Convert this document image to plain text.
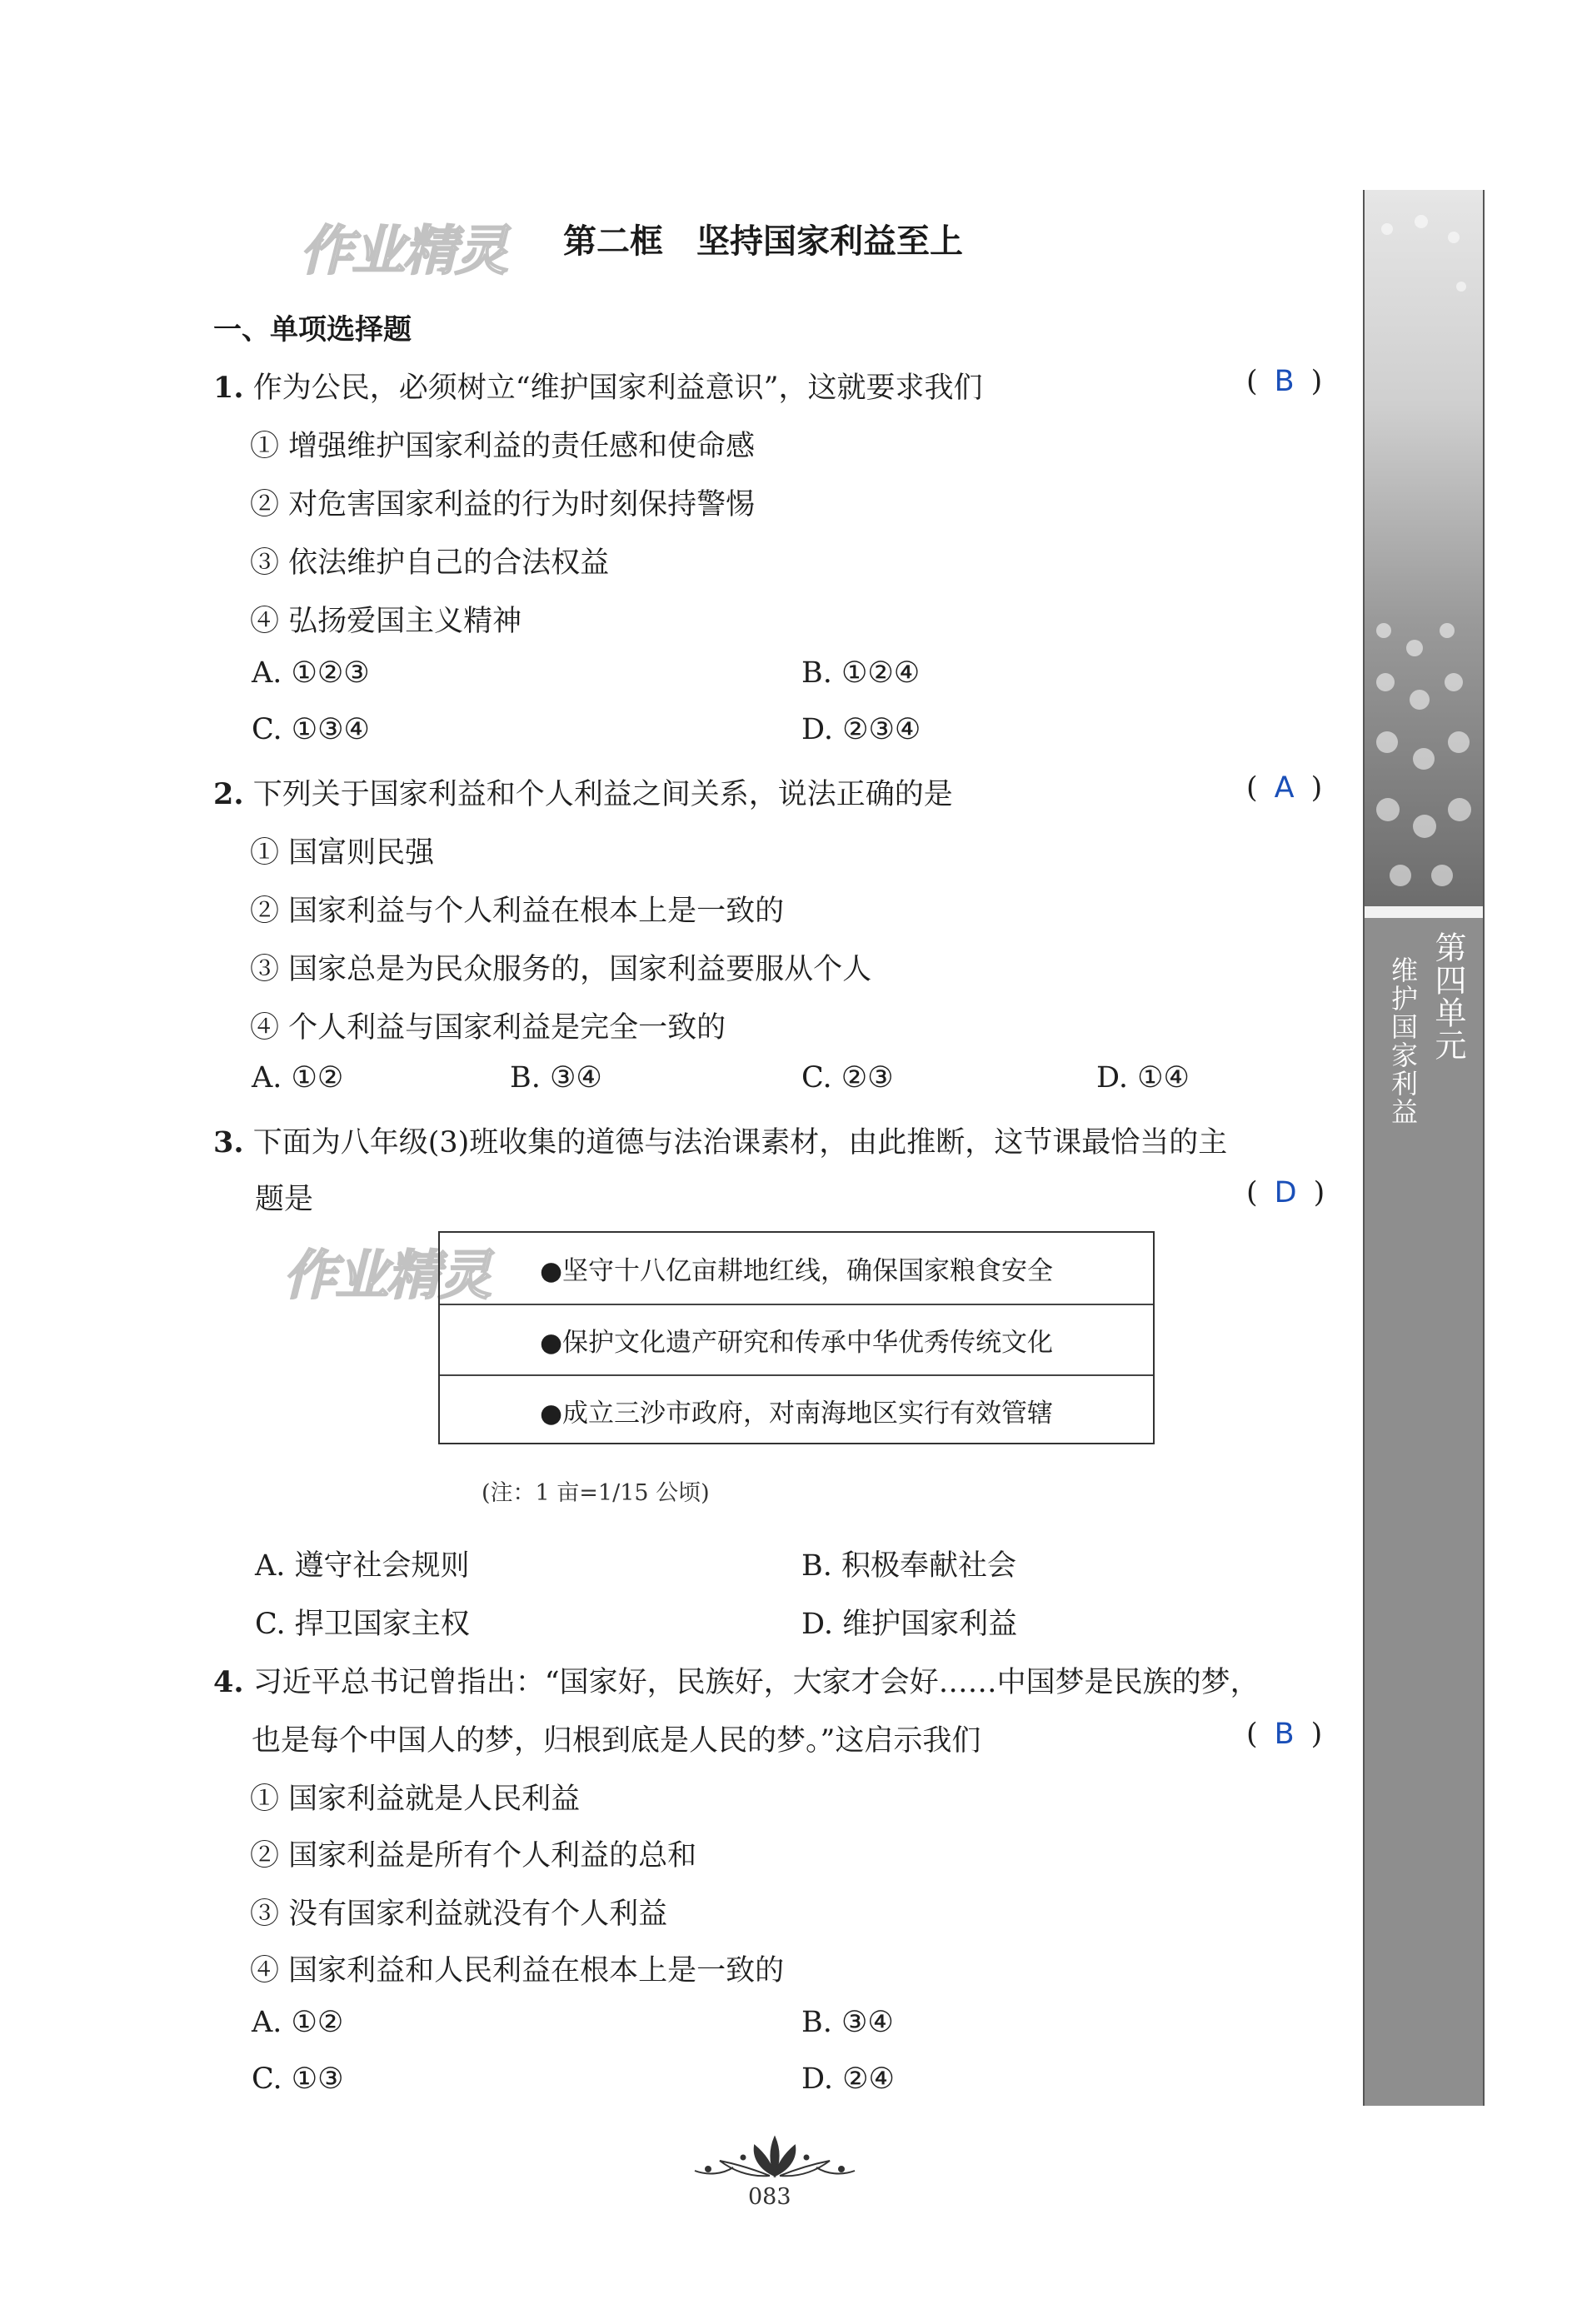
第四单元
维护国家利益
作业精灵 第二框　坚持国家利益至上
一、单项选择题
1. 作为公民，必须树立“维护国家利益意识”，这就要求我们	( B )
① 增强维护国家利益的责任感和使命感
② 对危害国家利益的行为时刻保持警惕
③ 依法维护自己的合法权益
④ 弘扬爱国主义精神
A. ①②③	B. ①②④
C. ①③④	D. ②③④
2. 下列关于国家利益和个人利益之间关系，说法正确的是	( A )
① 国富则民强
② 国家利益与个人利益在根本上是一致的
③ 国家总是为民众服务的，国家利益要服从个人
④ 个人利益与国家利益是完全一致的
A. ①②	B. ③④	C. ②③	D. ①④
3. 下面为八年级(3)班收集的道德与法治课素材，由此推断，这节课最恰当的主
题是	( D )
作业精灵	●坚守十八亿亩耕地红线，确保国家粮食安全
●保护文化遗产研究和传承中华优秀传统文化
●成立三沙市政府，对南海地区实行有效管辖
(注：1 亩=1/15 公顷)
A. 遵守社会规则	B. 积极奉献社会
C. 捍卫国家主权	D. 维护国家利益
4. 习近平总书记曾指出：“国家好，民族好，大家才会好……中国梦是民族的梦，
也是每个中国人的梦，归根到底是人民的梦。”这启示我们	( B )
① 国家利益就是人民利益
② 国家利益是所有个人利益的总和
③ 没有国家利益就没有个人利益
④ 国家利益和人民利益在根本上是一致的
A. ①②	B. ③④
C. ①③	D. ②④
083
